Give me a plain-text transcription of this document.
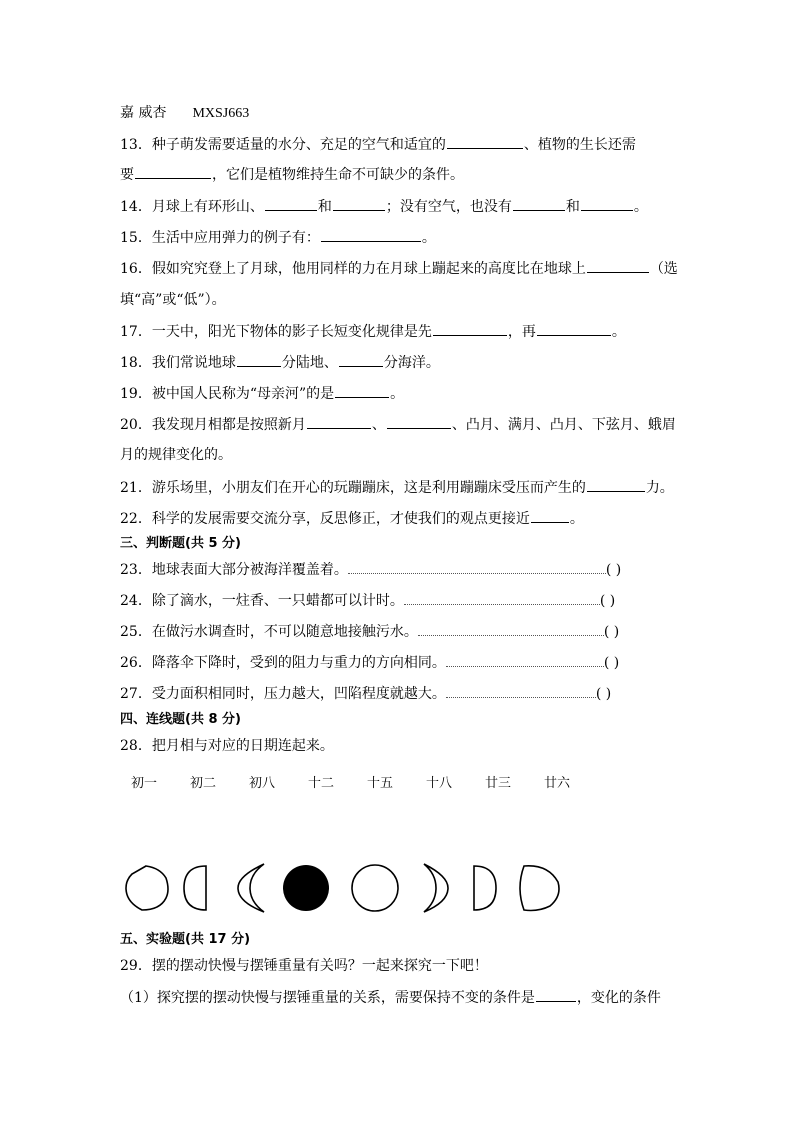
嘉 威杏 MXSJ663
13．种子萌发需要适量的水分、充足的空气和适宜的	、植物的生长还需
要	，它们是植物维持生命不可缺少的条件。
14．月球上有环形山、	和	；没有空气，也没有	和	。
15．生活中应用弹力的例子有：	。
16．假如究究登上了月球，他用同样的力在月球上蹦起来的高度比在地球上	（选
填“高”或“低”）。
17．一天中，阳光下物体的影子长短变化规律是先	，再	。
18．我们常说地球	分陆地、	分海洋。
19．被中国人民称为“母亲河”的是	。
20．我发现月相都是按照新月	、	、凸月、满月、凸月、下弦月、蛾眉
月的规律变化的。
21．游乐场里，小朋友们在开心的玩蹦蹦床，这是利用蹦蹦床受压而产生的	力。
22．科学的发展需要交流分享，反思修正，才使我们的观点更接近	。
三、判断题(共 5 分)
23．地球表面大部分被海洋覆盖着。	( )
24．除了滴水，一炷香、一只蜡都可以计时。	( )
25．在做污水调查时，不可以随意地接触污水。	( )
26．降落伞下降时，受到的阻力与重力的方向相同。	( )
27．受力面积相同时，压力越大，凹陷程度就越大。	( )
四、连线题(共 8 分)
28．把月相与对应的日期连起来。
初一	初二	初八	十二	十五	十八	廿三	廿六
五、实验题(共 17 分)
29．摆的摆动快慢与摆锤重量有关吗？一起来探究一下吧！
（1）探究摆的摆动快慢与摆锤重量的关系，需要保持不变的条件是	，变化的条件
